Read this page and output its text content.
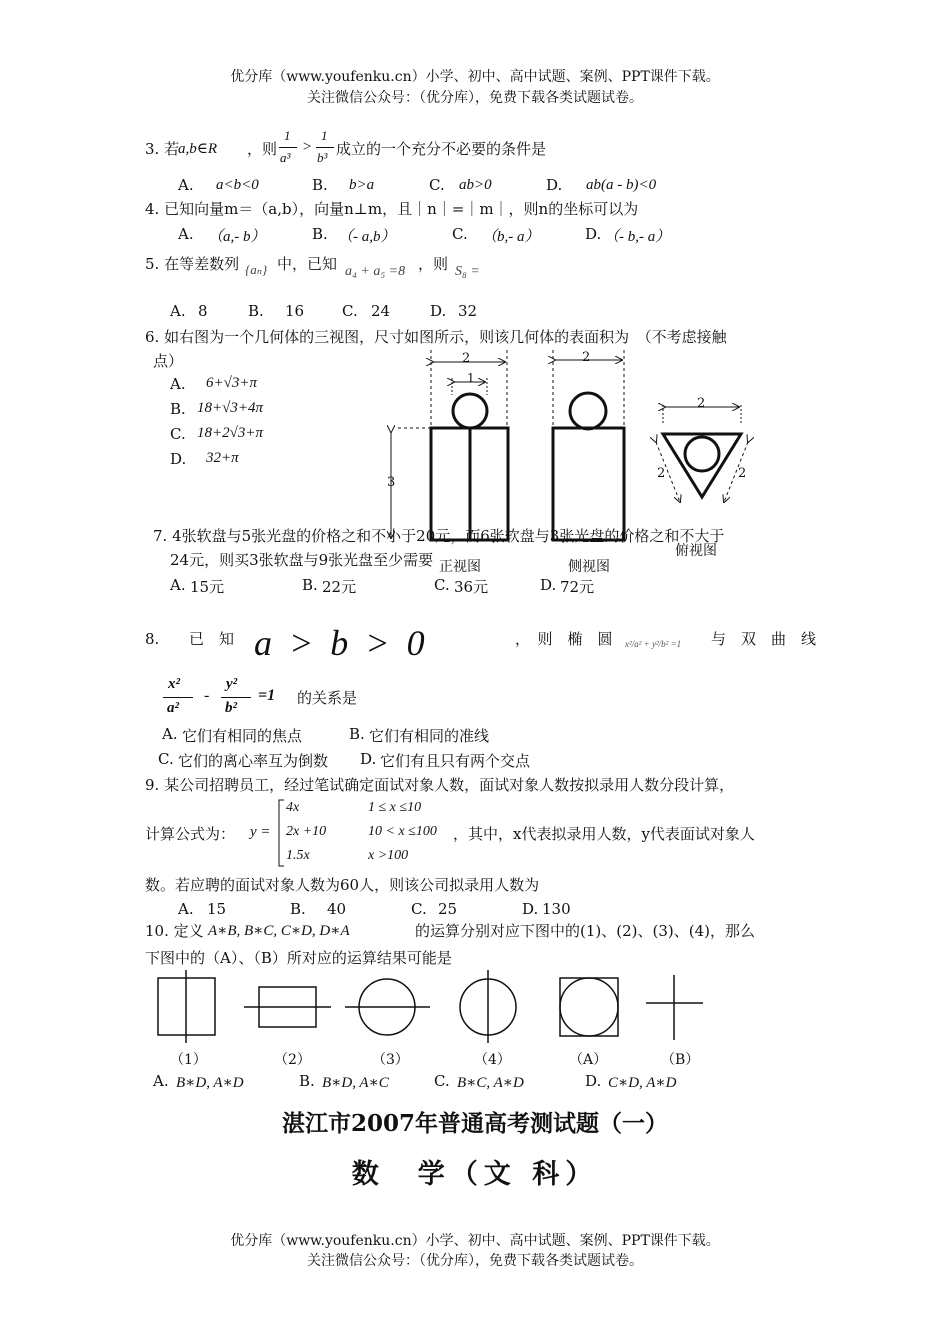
优分库（www.youfenku.cn）小学、初中、高中试题、案例、PPT课件下载。
关注微信公众号：（优分库），免费下载各类试题试卷。
3. 若
a,b∈R ，则
1
a³
>
1
b³ 成立的一个充分不必要的条件是
A. a<b<0	B. b>a	C. ab>0	D. ab(a - b)<0
4. 已知向量m＝（a,b），向量n⊥m，且｜n｜=｜m｜，则n的坐标可以为
A. （a,- b）	B. （- a,b）	C. （b,- a）	D. （- b,- a）
5. 在等差数列 {aₙ} 中，已知 a₄ + a₅ =8 ，则 S₈ =
A. 8	B. 16	C. 24	D. 32
6. 如右图为一个几何体的三视图，尺寸如图所示，则该几何体的表面积为　（不考虑接触
点）
A. 6+√3+π
B. 18+√3+4π
C. 18+2√3+π
D. 32+π
2
1
3
2
2
2	2
正视图	侧视图
俯视图
7. 4张软盘与5张光盘的价格之和不小于20元，而6张软盘与3张光盘的价格之和不大于
24元，则买3张软盘与9张光盘至少需要
A. 15元	B. 22元	C. 36元	D. 72元
8. 已　知 a > b > 0	，　则　椭　圆 x²/a² + y²/b² =1 与　双　曲　线
x²
a²
-
y²
b²
=1 的关系是
A. 它们有相同的焦点	B. 它们有相同的准线
C. 它们的离心率互为倒数 D. 它们有且只有两个交点
9. 某公司招聘员工，经过笔试确定面试对象人数，面试对象人数按拟录用人数分段计算，
计算公式为： y =
4x	1 ≤ x ≤10
2x +10	10 < x ≤100
1.5x	x >100
，其中，x代表拟录用人数，y代表面试对象人
数。若应聘的面试对象人数为60人，则该公司拟录用人数为
A. 15	B. 40	C. 25	D. 130
10. 定义 A∗B, B∗C, C∗D, D∗A	的运算分别对应下图中的(1)、(2)、(3)、(4)，那么
下图中的（A）、（B）所对应的运算结果可能是
（1）	（2）	（3）	（4）	（A）	（B）
A. B∗D, A∗D	B. B∗D, A∗C	C. B∗C, A∗D	D. C∗D, A∗D
湛江市2007年普通高考测试题（一）
数　学（文 科）
优分库（www.youfenku.cn）小学、初中、高中试题、案例、PPT课件下载。
关注微信公众号：（优分库），免费下载各类试题试卷。
